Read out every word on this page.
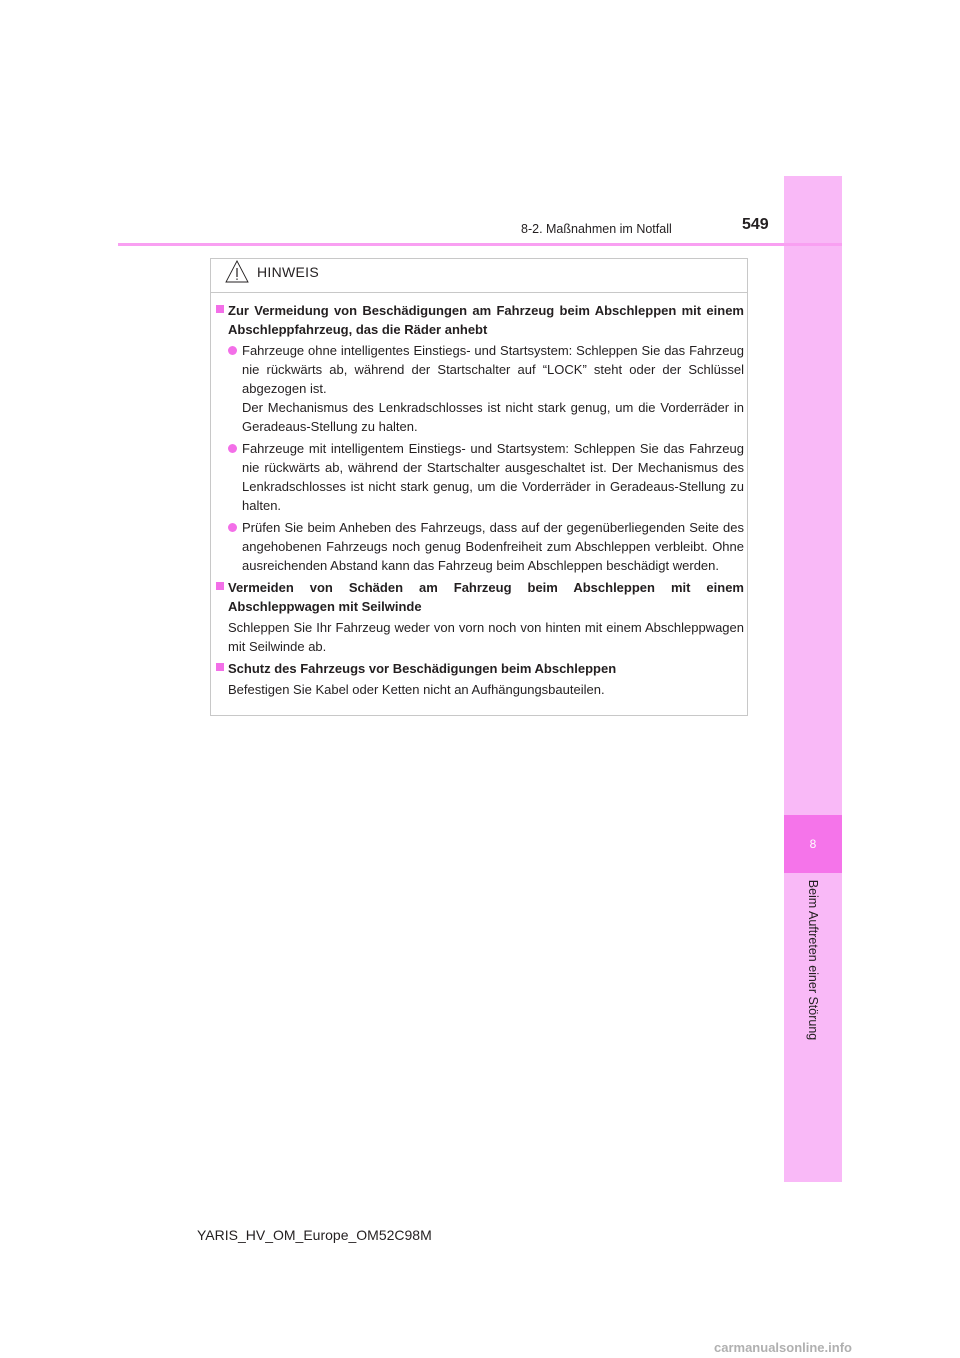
8
Beim Auftreten einer Störung
8-2. Maßnahmen im Notfall	549
HINWEIS
Zur Vermeidung von Beschädigungen am Fahrzeug beim Abschleppen mit einem Abschleppfahrzeug, das die Räder anhebt
Fahrzeuge ohne intelligentes Einstiegs- und Startsystem: Schleppen Sie das Fahrzeug nie rückwärts ab, während der Startschalter auf “LOCK” steht oder der Schlüssel abgezogen ist.
Der Mechanismus des Lenkradschlosses ist nicht stark genug, um die Vorderräder in Geradeaus-Stellung zu halten.
Fahrzeuge mit intelligentem Einstiegs- und Startsystem: Schleppen Sie das Fahrzeug nie rückwärts ab, während der Startschalter ausgeschaltet ist. Der Mechanismus des Lenkradschlosses ist nicht stark genug, um die Vorderräder in Geradeaus-Stellung zu halten.
Prüfen Sie beim Anheben des Fahrzeugs, dass auf der gegenüberliegenden Seite des angehobenen Fahrzeugs noch genug Bodenfreiheit zum Abschleppen verbleibt. Ohne ausreichenden Abstand kann das Fahrzeug beim Abschleppen beschädigt werden.
Vermeiden von Schäden am Fahrzeug beim Abschleppen mit einem Abschleppwagen mit Seilwinde
Schleppen Sie Ihr Fahrzeug weder von vorn noch von hinten mit einem Abschleppwagen mit Seilwinde ab.
Schutz des Fahrzeugs vor Beschädigungen beim Abschleppen
Befestigen Sie Kabel oder Ketten nicht an Aufhängungsbauteilen.
YARIS_HV_OM_Europe_OM52C98M
carmanualsonline.info
